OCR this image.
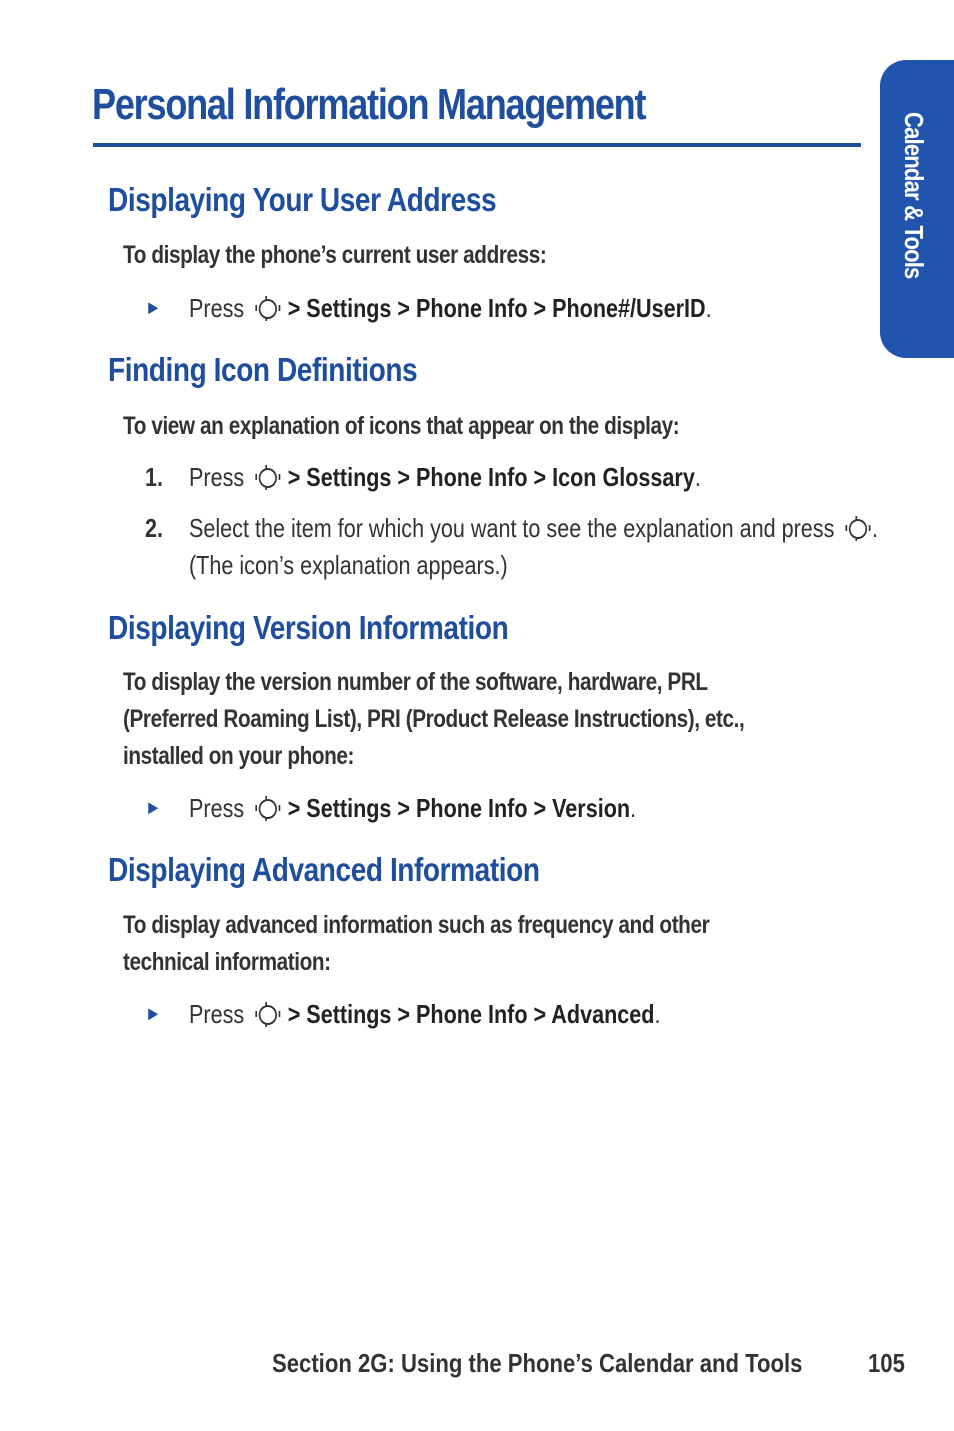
Personal Information Management
Calendar & Tools
Displaying Your User Address

To display the phone’s current user address:

► Press > Settings > Phone Info > Phone#/UserID.
Finding Icon Definitions

To view an explanation of icons that appear on the display:

1. Press > Settings > Phone Info > Icon Glossary.
2. Select the item for which you want to see the explanation and press .
(The icon’s explanation appears.)
Displaying Version Information

To display the version number of the software, hardware, PRL
(Preferred Roaming List), PRI (Product Release Instructions), etc.,
installed on your phone:

► Press > Settings > Phone Info > Version.
Displaying Advanced Information

To display advanced information such as frequency and other
technical information:

► Press > Settings > Phone Info > Advanced.
Section 2G: Using the Phone’s Calendar and Tools	105
